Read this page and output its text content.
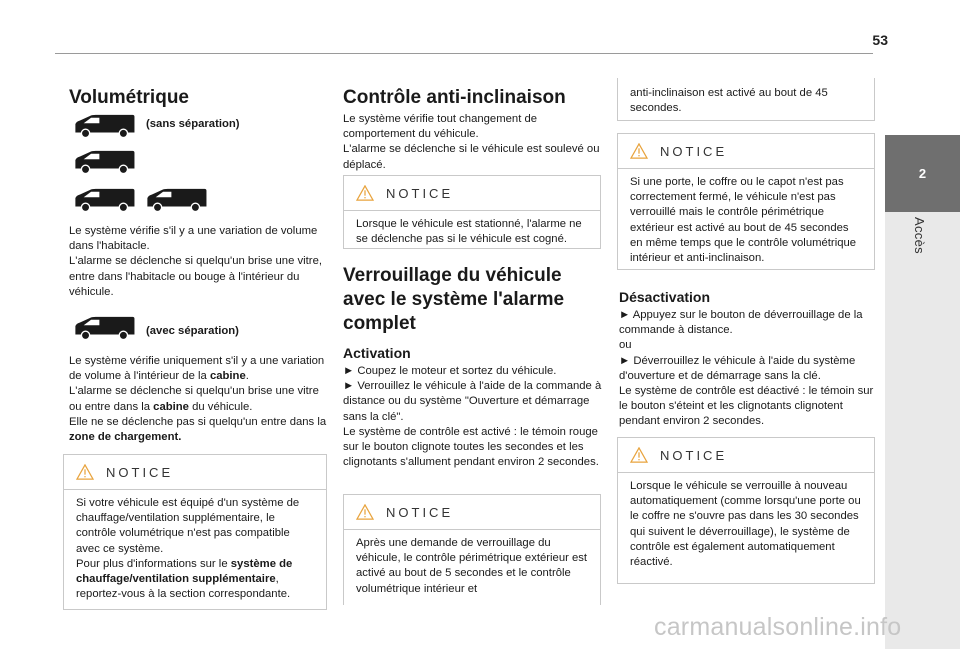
53
2
Accès
Volumétrique
(sans séparation)

Le système vérifie s'il y a une variation de volume dans l'habitacle.

L'alarme se déclenche si quelqu'un brise une vitre, entre dans l'habitacle ou bouge à l'intérieur du véhicule.

(avec séparation)

Le système vérifie uniquement s'il y a une variation de volume à l'intérieur de la cabine.

L'alarme se déclenche si quelqu'un brise une vitre ou entre dans la cabine du véhicule.

Elle ne se déclenche pas si quelqu'un entre dans la zone de chargement.

NOTICE
Si votre véhicule est équipé d'un système de chauffage/ventilation supplémentaire, le contrôle volumétrique n'est pas compatible avec ce système.
Pour plus d'informations sur le système de chauffage/ventilation supplémentaire, reportez-vous à la section correspondante.
Contrôle anti-inclinaison

Le système vérifie tout changement de comportement du véhicule.

L'alarme se déclenche si le véhicule est soulevé ou déplacé.

NOTICE
Lorsque le véhicule est stationné, l'alarme ne se déclenche pas si le véhicule est cogné.
Verrouillage du véhicule avec le système l'alarme complet
Activation

► Coupez le moteur et sortez du véhicule.

► Verrouillez le véhicule à l'aide de la commande à distance ou du système "Ouverture et démarrage sans la clé".

Le système de contrôle est activé : le témoin rouge sur le bouton clignote toutes les secondes et les clignotants s'allument pendant environ 2 secondes.

NOTICE
Après une demande de verrouillage du véhicule, le contrôle périmétrique extérieur est activé au bout de 5 secondes et le contrôle volumétrique intérieur et
anti-inclinaison est activé au bout de 45 secondes.
NOTICE
Si une porte, le coffre ou le capot n'est pas correctement fermé, le véhicule n'est pas verrouillé mais le contrôle périmétrique extérieur est activé au bout de 45 secondes en même temps que le contrôle volumétrique intérieur et anti-inclinaison.
Désactivation

► Appuyez sur le bouton de déverrouillage de la commande à distance.

ou

► Déverrouillez le véhicule à l'aide du système d'ouverture et de démarrage sans la clé.

Le système de contrôle est déactivé : le témoin sur le bouton s'éteint et les clignotants clignotent pendant environ 2 secondes.

NOTICE
Lorsque le véhicule se verrouille à nouveau automatiquement (comme lorsqu'une porte ou le coffre ne s'ouvre pas dans les 30 secondes qui suivent le déverrouillage), le système de contrôle est également automatiquement réactivé.
carmanualsonline.info
